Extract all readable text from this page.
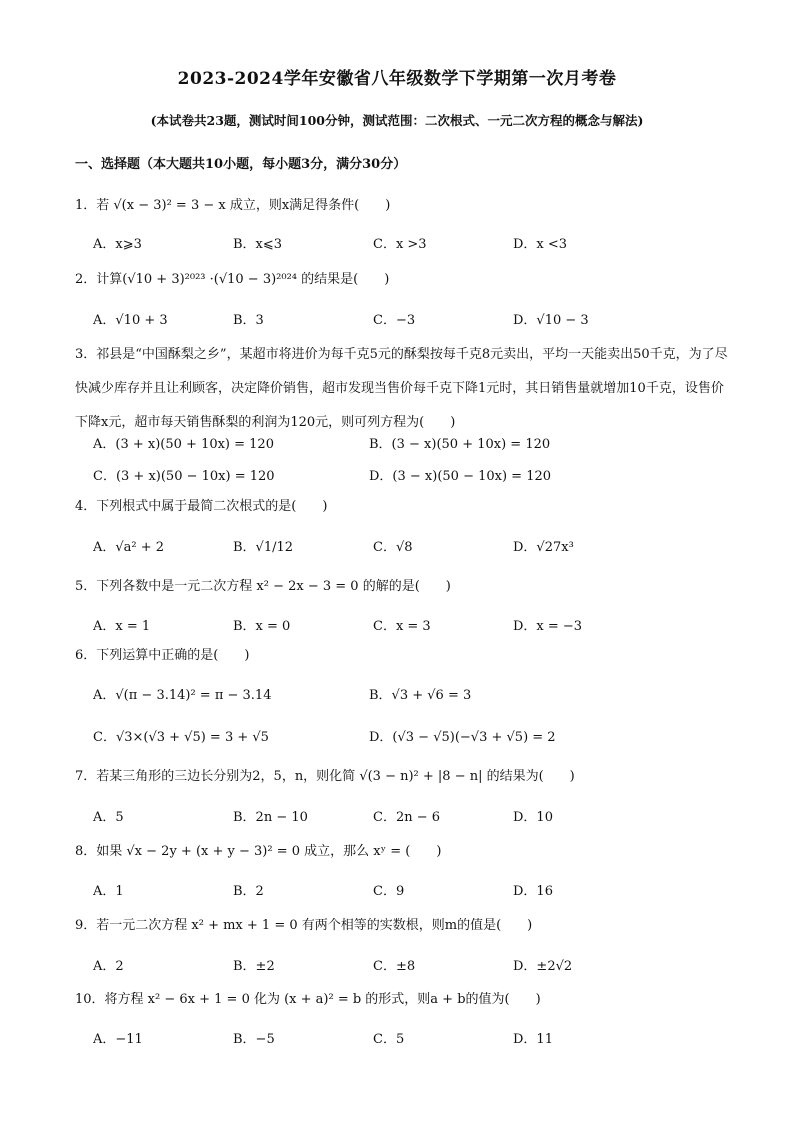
2023-2024学年安徽省八年级数学下学期第一次月考卷
(本试卷共23题，测试时间100分钟，测试范围：二次根式、一元二次方程的概念与解法)
一、选择题（本大题共10小题，每小题3分，满分30分）
1．若 √(x − 3)² = 3 − x 成立，则x满足得条件(　　)
A．x⩾3	B．x⩽3	C．x >3	D．x <3
2．计算(√10 + 3)²⁰²³ ·(√10 − 3)²⁰²⁴ 的结果是(　　)
A．√10 + 3	B．3	C．−3	D．√10 − 3
3．祁县是“中国酥梨之乡”，某超市将进价为每千克5元的酥梨按每千克8元卖出，平均一天能卖出50千克，为了尽快减少库存并且让利顾客，决定降价销售，超市发现当售价每千克下降1元时，其日销售量就增加10千克，设售价下降x元，超市每天销售酥梨的利润为120元，则可列方程为(　　)
A．(3 + x)(50 + 10x) = 120	B．(3 − x)(50 + 10x) = 120
C．(3 + x)(50 − 10x) = 120	D．(3 − x)(50 − 10x) = 120
4．下列根式中属于最简二次根式的是(　　)
A．√a² + 2	B．√1/12	C．√8	D．√27x³
5．下列各数中是一元二次方程 x² − 2x − 3 = 0 的解的是(　　)
A．x = 1	B．x = 0	C．x = 3	D．x = −3
6．下列运算中正确的是(　　)
A．√(π − 3.14)² = π − 3.14	B．√3 + √6 = 3
C．√3×(√3 + √5) = 3 + √5	D．(√3 − √5)(−√3 + √5) = 2
7．若某三角形的三边长分别为2，5，n，则化简 √(3 − n)² + |8 − n| 的结果为(　　)
A．5	B．2n − 10	C．2n − 6	D．10
8．如果 √x − 2y + (x + y − 3)² = 0 成立，那么 xʸ = (　　)
A．1	B．2	C．9	D．16
9．若一元二次方程 x² + mx + 1 = 0 有两个相等的实数根，则m的值是(　　)
A．2	B．±2	C．±8	D．±2√2
10．将方程 x² − 6x + 1 = 0 化为 (x + a)² = b 的形式，则a + b的值为(　　)
A．−11	B．−5	C．5	D．11
